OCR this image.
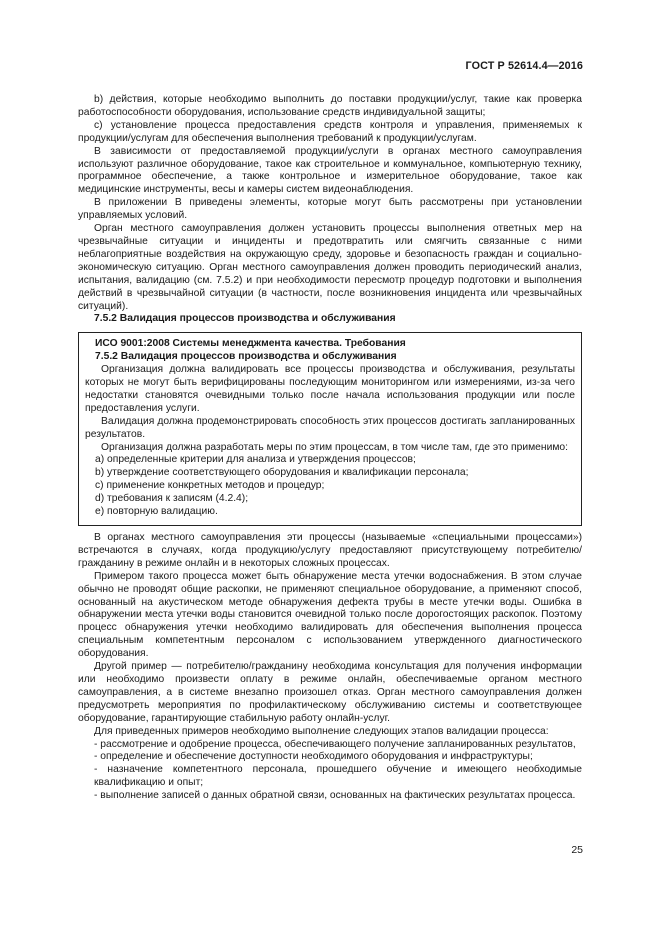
ГОСТ Р 52614.4—2016

b) действия, которые необходимо выполнить до поставки продукции/услуг, такие как проверка работоспособности оборудования, использование средств индивидуальной защиты;

c) установление процесса предоставления средств контроля и управления, применяемых к продукции/услугам для обеспечения выполнения требований к продукции/услугам.

В зависимости от предоставляемой продукции/услуги в органах местного самоуправления используют различное оборудование, такое как строительное и коммунальное, компьютерную технику, программное обеспечение, а также контрольное и измерительное оборудование, такое как медицинские инструменты, весы и камеры систем видеонаблюдения.

В приложении В приведены элементы, которые могут быть рассмотрены при установлении управляемых условий.

Орган местного самоуправления должен установить процессы выполнения ответных мер на чрезвычайные ситуации и инциденты и предотвратить или смягчить связанные с ними неблагоприятные воздействия на окружающую среду, здоровье и безопасность граждан и социально-экономическую ситуацию. Орган местного самоуправления должен проводить периодический анализ, испытания, валидацию (см. 7.5.2) и при необходимости пересмотр процедур подготовки и выполнения действий в чрезвычайной ситуации (в частности, после возникновения инцидента или чрезвычайных ситуаций).

7.5.2 Валидация процессов производства и обслуживания

ИСО 9001:2008 Системы менеджмента качества. Требования

7.5.2 Валидация процессов производства и обслуживания

Организация должна валидировать все процессы производства и обслуживания, результаты которых не могут быть верифицированы последующим мониторингом или измерениями, из-за чего недостатки становятся очевидными только после начала использования продукции или после предоставления услуги.

Валидация должна продемонстрировать способность этих процессов достигать запланированных результатов.

Организация должна разработать меры по этим процессам, в том числе там, где это применимо:

а) определенные критерии для анализа и утверждения процессов;

b) утверждение соответствующего оборудования и квалификации персонала;

c) применение конкретных методов и процедур;

d) требования к записям (4.2.4);

e) повторную валидацию.

В органах местного самоуправления эти процессы (называемые «специальными процессами») встречаются в случаях, когда продукцию/услугу предоставляют присутствующему потребителю/гражданину в режиме онлайн и в некоторых сложных процессах.

Примером такого процесса может быть обнаружение места утечки водоснабжения. В этом случае обычно не проводят общие раскопки, не применяют специальное оборудование, а применяют способ, основанный на акустическом методе обнаружения дефекта трубы в месте утечки воды. Ошибка в обнаружении места утечки воды становится очевидной только после дорогостоящих раскопок. Поэтому процесс обнаружения утечки необходимо валидировать для обеспечения выполнения процесса специальным компетентным персоналом с использованием утвержденного диагностического оборудования.

Другой пример — потребителю/гражданину необходима консультация для получения информации или необходимо произвести оплату в режиме онлайн, обеспечиваемые органом местного самоуправления, а в системе внезапно произошел отказ. Орган местного самоуправления должен предусмотреть мероприятия по профилактическому обслуживанию системы и соответствующее оборудование, гарантирующие стабильную работу онлайн-услуг.

Для приведенных примеров необходимо выполнение следующих этапов валидации процесса:

- рассмотрение и одобрение процесса, обеспечивающего получение запланированных результатов,

- определение и обеспечение доступности необходимого оборудования и инфраструктуры;

- назначение компетентного персонала, прошедшего обучение и имеющего необходимые квалификацию и опыт;

- выполнение записей о данных обратной связи, основанных на фактических результатах процесса.

25
